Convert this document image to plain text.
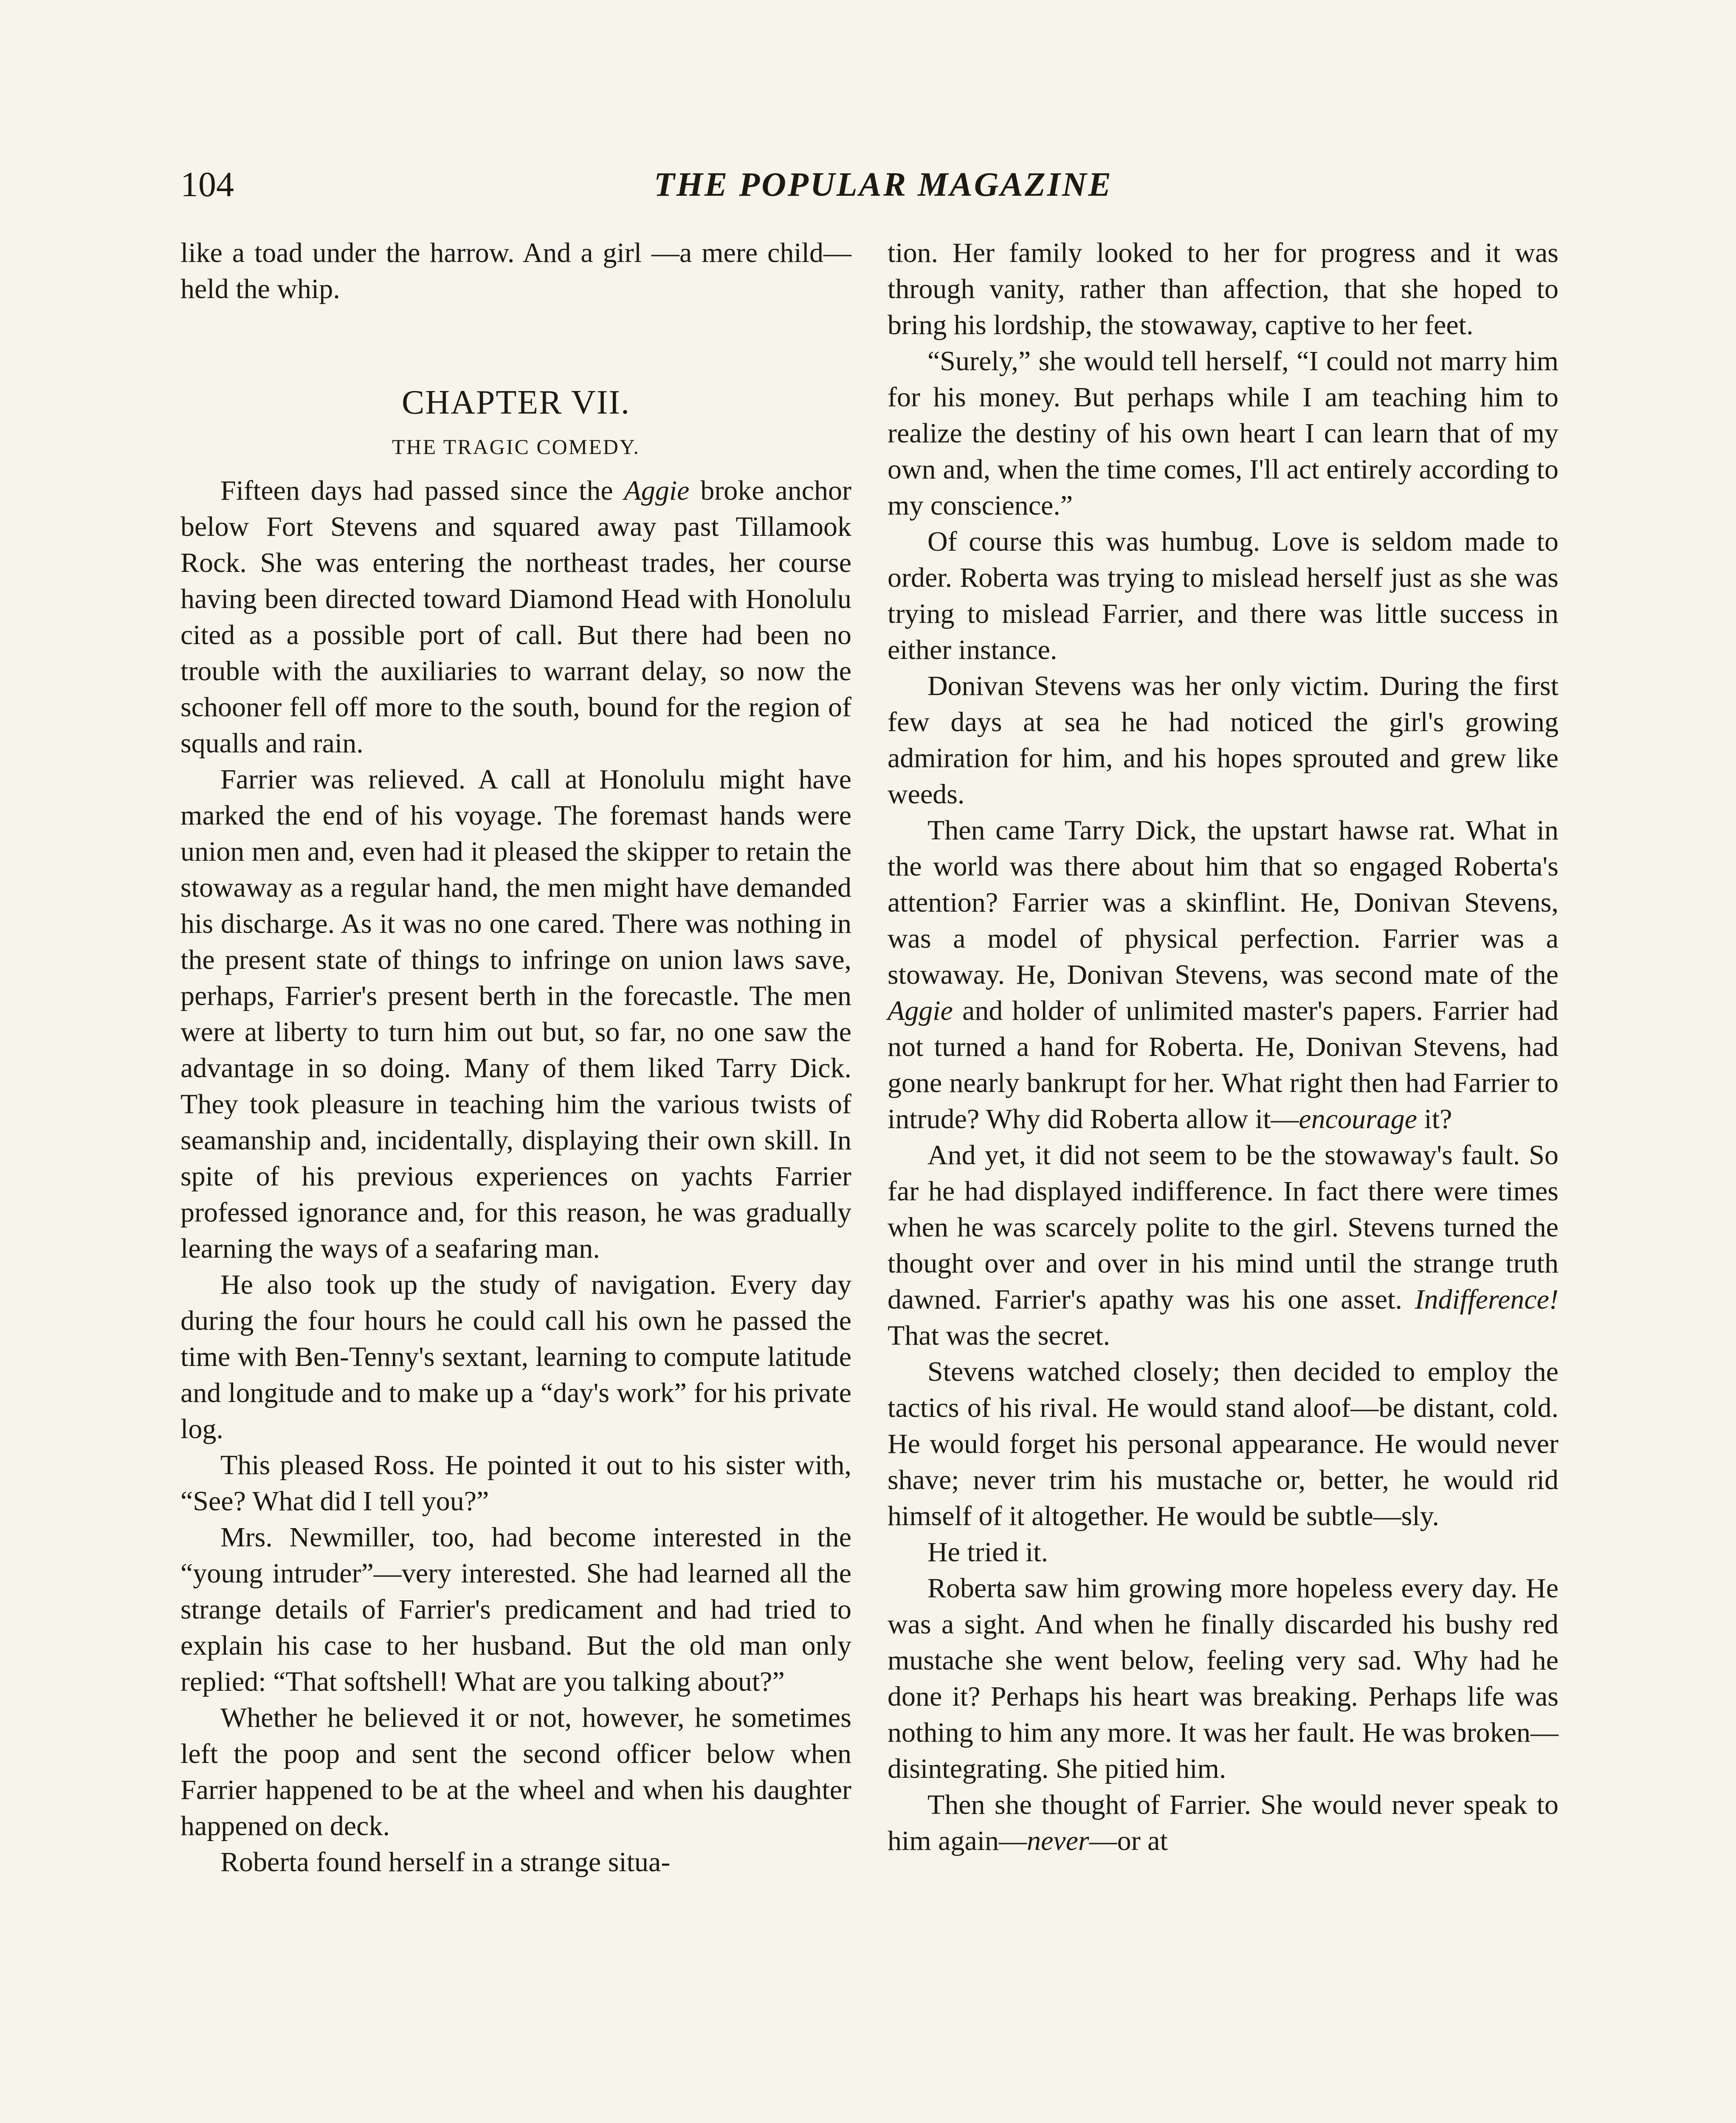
104	THE POPULAR MAGAZINE

like a toad under the harrow. And a girl —a mere child—held the whip.

CHAPTER VII.
THE TRAGIC COMEDY.

Fifteen days had passed since the Aggie broke anchor below Fort Stevens and squared away past Tillamook Rock. She was entering the northeast trades, her course having been directed toward Diamond Head with Honolulu cited as a possible port of call. But there had been no trouble with the auxiliaries to warrant delay, so now the schooner fell off more to the south, bound for the region of squalls and rain.

Farrier was relieved. A call at Honolulu might have marked the end of his voyage. The foremast hands were union men and, even had it pleased the skipper to retain the stowaway as a regular hand, the men might have demanded his discharge. As it was no one cared. There was nothing in the present state of things to infringe on union laws save, perhaps, Farrier's present berth in the forecastle. The men were at liberty to turn him out but, so far, no one saw the advantage in so doing. Many of them liked Tarry Dick. They took pleasure in teaching him the various twists of seamanship and, incidentally, displaying their own skill. In spite of his previous experiences on yachts Farrier professed ignorance and, for this reason, he was gradually learning the ways of a seafaring man.

He also took up the study of navigation. Every day during the four hours he could call his own he passed the time with Ben-Tenny's sextant, learning to compute latitude and longitude and to make up a “day's work” for his private log.

This pleased Ross. He pointed it out to his sister with, “See? What did I tell you?”

Mrs. Newmiller, too, had become interested in the “young intruder”—very interested. She had learned all the strange details of Farrier's predicament and had tried to explain his case to her husband. But the old man only replied: “That softshell! What are you talking about?”

Whether he believed it or not, however, he sometimes left the poop and sent the second officer below when Farrier happened to be at the wheel and when his daughter happened on deck.

Roberta found herself in a strange situa-

tion. Her family looked to her for progress and it was through vanity, rather than affection, that she hoped to bring his lordship, the stowaway, captive to her feet.

“Surely,” she would tell herself, “I could not marry him for his money. But perhaps while I am teaching him to realize the destiny of his own heart I can learn that of my own and, when the time comes, I'll act entirely according to my conscience.”

Of course this was humbug. Love is seldom made to order. Roberta was trying to mislead herself just as she was trying to mislead Farrier, and there was little success in either instance.

Donivan Stevens was her only victim. During the first few days at sea he had noticed the girl's growing admiration for him, and his hopes sprouted and grew like weeds.

Then came Tarry Dick, the upstart hawse rat. What in the world was there about him that so engaged Roberta's attention? Farrier was a skinflint. He, Donivan Stevens, was a model of physical perfection. Farrier was a stowaway. He, Donivan Stevens, was second mate of the Aggie and holder of unlimited master's papers. Farrier had not turned a hand for Roberta. He, Donivan Stevens, had gone nearly bankrupt for her. What right then had Farrier to intrude? Why did Roberta allow it—encourage it?

And yet, it did not seem to be the stowaway's fault. So far he had displayed indifference. In fact there were times when he was scarcely polite to the girl. Stevens turned the thought over and over in his mind until the strange truth dawned. Farrier's apathy was his one asset. Indifference! That was the secret.

Stevens watched closely; then decided to employ the tactics of his rival. He would stand aloof—be distant, cold. He would forget his personal appearance. He would never shave; never trim his mustache or, better, he would rid himself of it altogether. He would be subtle—sly.

He tried it.

Roberta saw him growing more hopeless every day. He was a sight. And when he finally discarded his bushy red mustache she went below, feeling very sad. Why had he done it? Perhaps his heart was breaking. Perhaps life was nothing to him any more. It was her fault. He was broken—disintegrating. She pitied him.

Then she thought of Farrier. She would never speak to him again—never—or at
